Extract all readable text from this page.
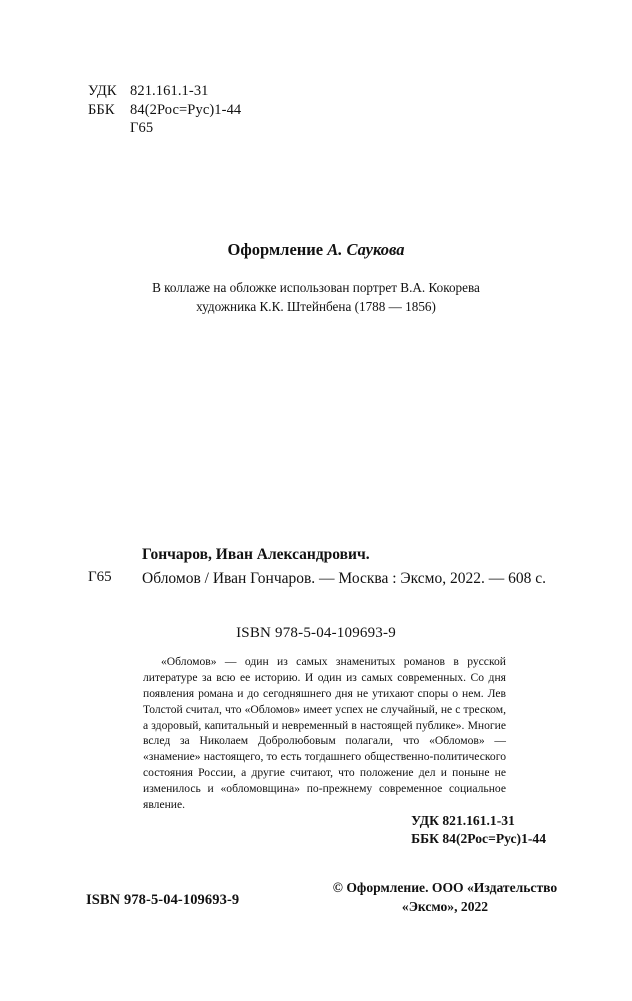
УДК 821.161.1-31
ББК	84(2Рос=Рус)1-44
Г65
Оформление А. Саукова
В коллаже на обложке использован портрет В.А. Кокорева
художника К.К. Штейнбена (1788 — 1856)
Гончаров, Иван Александрович.
Г65 Обломов / Иван Гончаров. — Москва : Эксмо, 2022. — 608 с.
ISBN 978-5-04-109693-9
«Обломов» — один из самых знаменитых романов в русской литературе за всю ее историю. И один из самых современных. Со дня появления романа и до сегодняшнего дня не утихают споры о нем. Лев Толстой считал, что «Обломов» имеет успех не случайный, не с треском, а здоровый, капитальный и невременный в настоящей публике». Многие вслед за Николаем Добролюбовым полагали, что «Обломов» — «знамение» настоящего, то есть тогдашнего общественно-политического состояния России, а другие считают, что положение дел и поныне не изменилось и «обломовщина» по-прежнему современное социальное явление.
УДК 821.161.1-31
ББК 84(2Рос=Рус)1-44
ISBN 978-5-04-109693-9
© Оформление. ООО «Издательство
«Эксмо», 2022
